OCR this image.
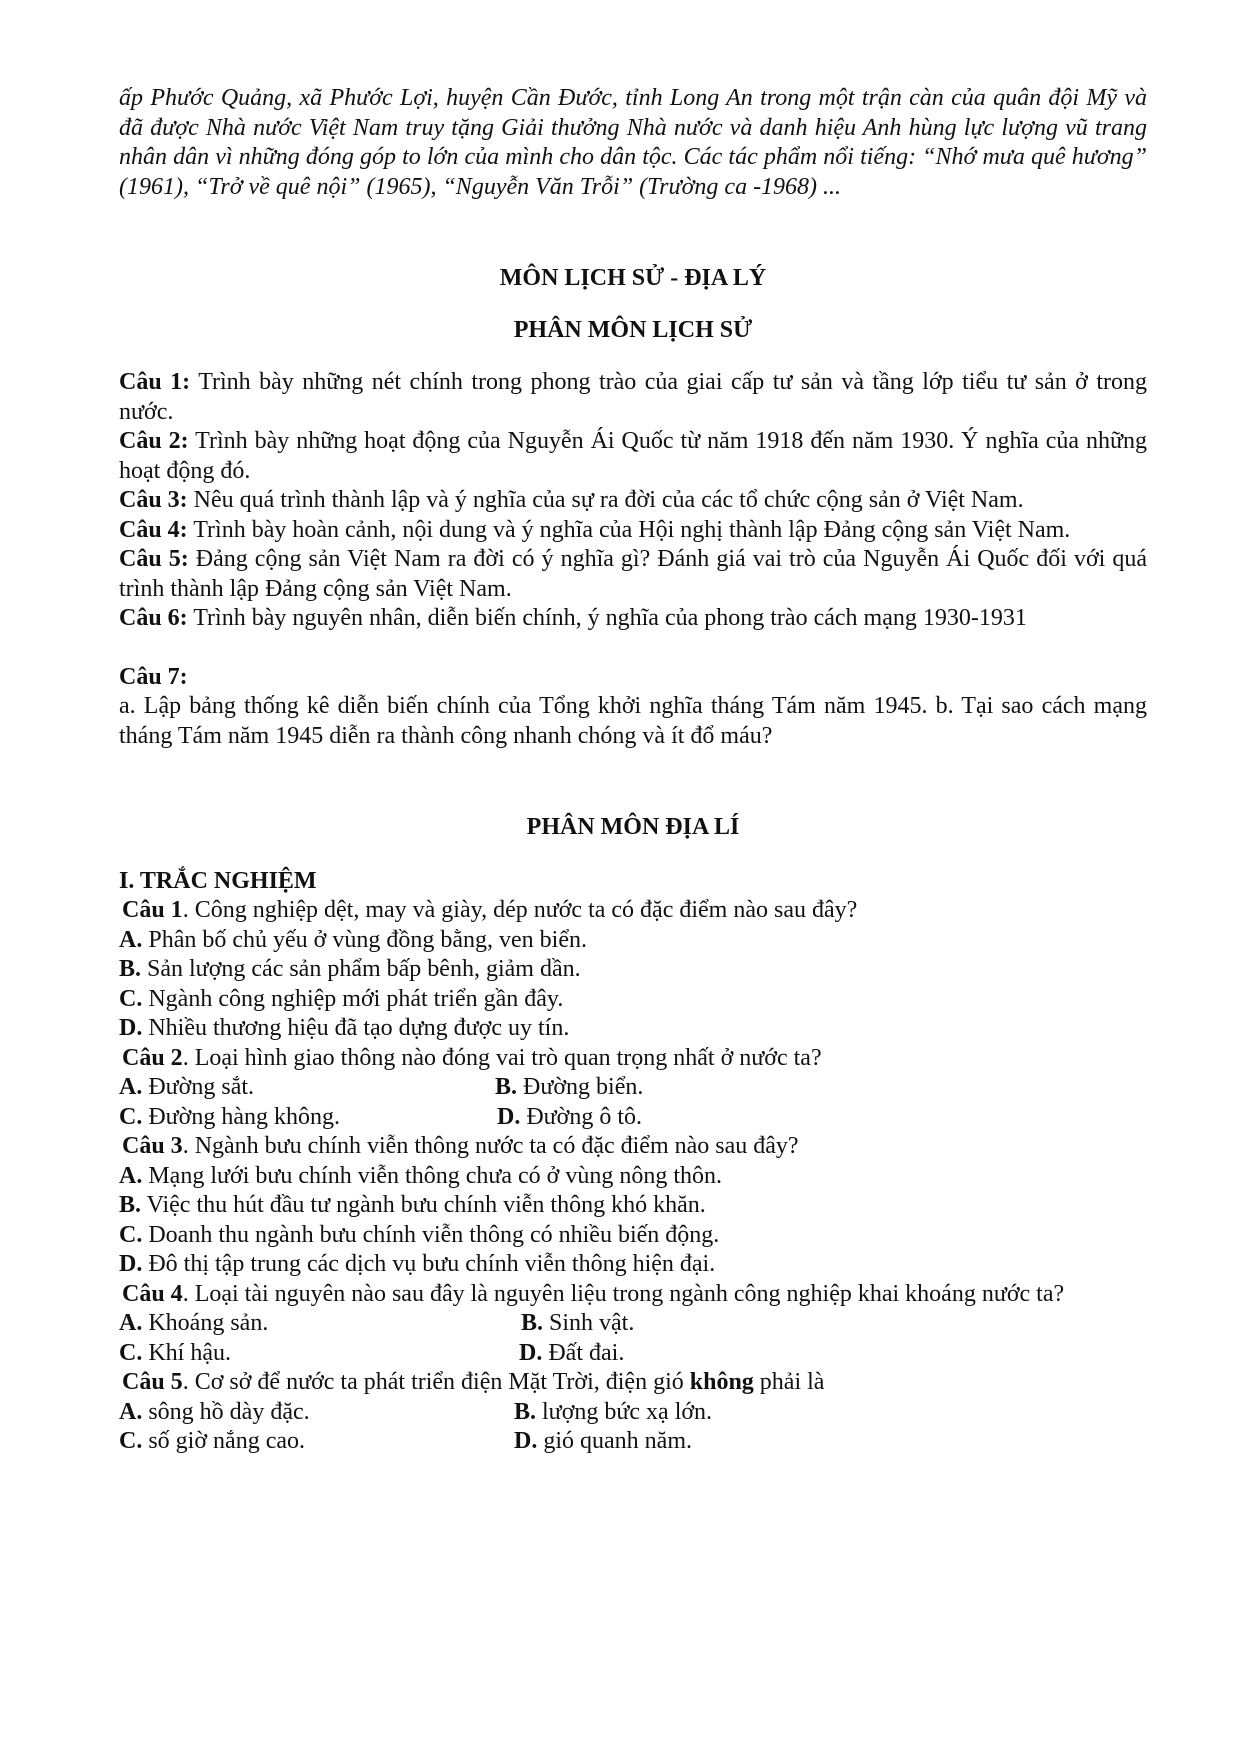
ấp Phước Quảng, xã Phước Lợi, huyện Cần Đước, tỉnh Long An trong một trận càn của quân đội Mỹ và đã được Nhà nước Việt Nam truy tặng Giải thưởng Nhà nước và danh hiệu Anh hùng lực lượng vũ trang nhân dân vì những đóng góp to lớn của mình cho dân tộc. Các tác phẩm nổi tiếng: “Nhớ mưa quê hương” (1961), “Trở về quê nội” (1965), “Nguyễn Văn Trỗi” (Trường ca -1968) ...

MÔN LỊCH SỬ - ĐỊA LÝ

PHÂN MÔN LỊCH SỬ

Câu 1: Trình bày những nét chính trong phong trào của giai cấp tư sản và tầng lớp tiểu tư sản ở trong nước.

Câu 2: Trình bày những hoạt động của Nguyễn Ái Quốc từ năm 1918 đến năm 1930. Ý nghĩa của những hoạt động đó.

Câu 3: Nêu quá trình thành lập và ý nghĩa của sự ra đời của các tổ chức cộng sản ở Việt Nam.

Câu 4: Trình bày hoàn cảnh, nội dung và ý nghĩa của Hội nghị thành lập Đảng cộng sản Việt Nam.

Câu 5: Đảng cộng sản Việt Nam ra đời có ý nghĩa gì? Đánh giá vai trò của Nguyễn Ái Quốc đối với quá trình thành lập Đảng cộng sản Việt Nam.

Câu 6: Trình bày nguyên nhân, diễn biến chính, ý nghĩa của phong trào cách mạng 1930-1931

Câu 7:

a. Lập bảng thống kê diễn biến chính của Tổng khởi nghĩa tháng Tám năm 1945. b. Tại sao cách mạng tháng Tám năm 1945 diễn ra thành công nhanh chóng và ít đổ máu?

PHÂN MÔN ĐỊA LÍ

I. TRẮC NGHIỆM

Câu 1. Công nghiệp dệt, may và giày, dép nước ta có đặc điểm nào sau đây?

A. Phân bố chủ yếu ở vùng đồng bằng, ven biển.

B. Sản lượng các sản phẩm bấp bênh, giảm dần.

C. Ngành công nghiệp mới phát triển gần đây.

D. Nhiều thương hiệu đã tạo dựng được uy tín.

Câu 2. Loại hình giao thông nào đóng vai trò quan trọng nhất ở nước ta?

A. Đường sắt.	B. Đường biển.
C. Đường hàng không.	D. Đường ô tô.

Câu 3. Ngành bưu chính viễn thông nước ta có đặc điểm nào sau đây?

A. Mạng lưới bưu chính viễn thông chưa có ở vùng nông thôn.

B. Việc thu hút đầu tư ngành bưu chính viễn thông khó khăn.

C. Doanh thu ngành bưu chính viễn thông có nhiều biến động.

D. Đô thị tập trung các dịch vụ bưu chính viễn thông hiện đại.

Câu 4. Loại tài nguyên nào sau đây là nguyên liệu trong ngành công nghiệp khai khoáng nước ta?

A. Khoáng sản.	B. Sinh vật.
C. Khí hậu.	D. Đất đai.

Câu 5. Cơ sở để nước ta phát triển điện Mặt Trời, điện gió không phải là

A. sông hồ dày đặc.	B. lượng bức xạ lớn.
C. số giờ nắng cao.	D. gió quanh năm.
